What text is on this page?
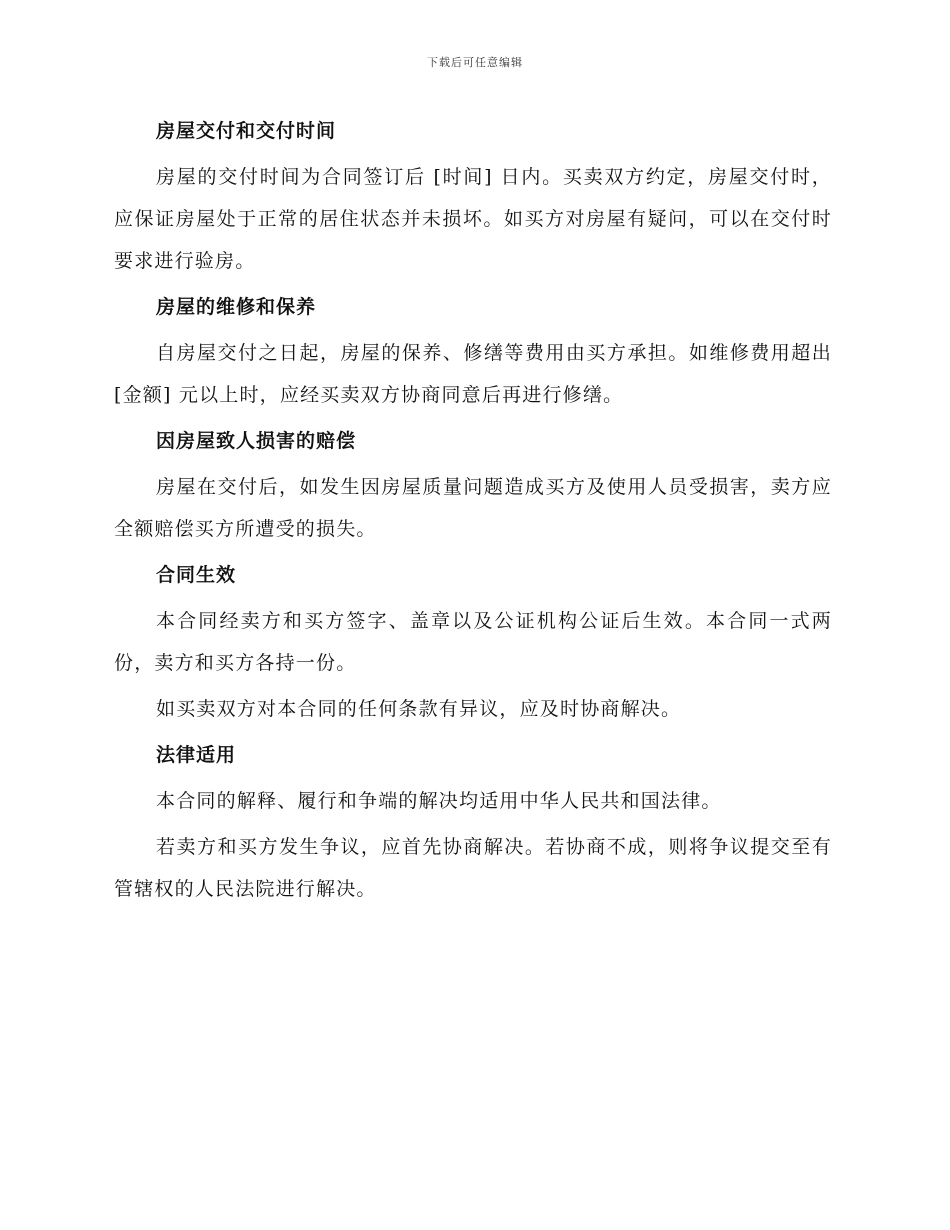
下载后可任意编辑
房屋交付和交付时间

房屋的交付时间为合同签订后 [时间] 日内。买卖双方约定，房屋交付时，应保证房屋处于正常的居住状态并未损坏。如买方对房屋有疑问，可以在交付时要求进行验房。

房屋的维修和保养

自房屋交付之日起，房屋的保养、修缮等费用由买方承担。如维修费用超出 [金额] 元以上时，应经买卖双方协商同意后再进行修缮。

因房屋致人损害的赔偿

房屋在交付后，如发生因房屋质量问题造成买方及使用人员受损害，卖方应全额赔偿买方所遭受的损失。

合同生效

本合同经卖方和买方签字、盖章以及公证机构公证后生效。本合同一式两份，卖方和买方各持一份。

如买卖双方对本合同的任何条款有异议，应及时协商解决。

法律适用

本合同的解释、履行和争端的解决均适用中华人民共和国法律。

若卖方和买方发生争议，应首先协商解决。若协商不成，则将争议提交至有管辖权的人民法院进行解决。
